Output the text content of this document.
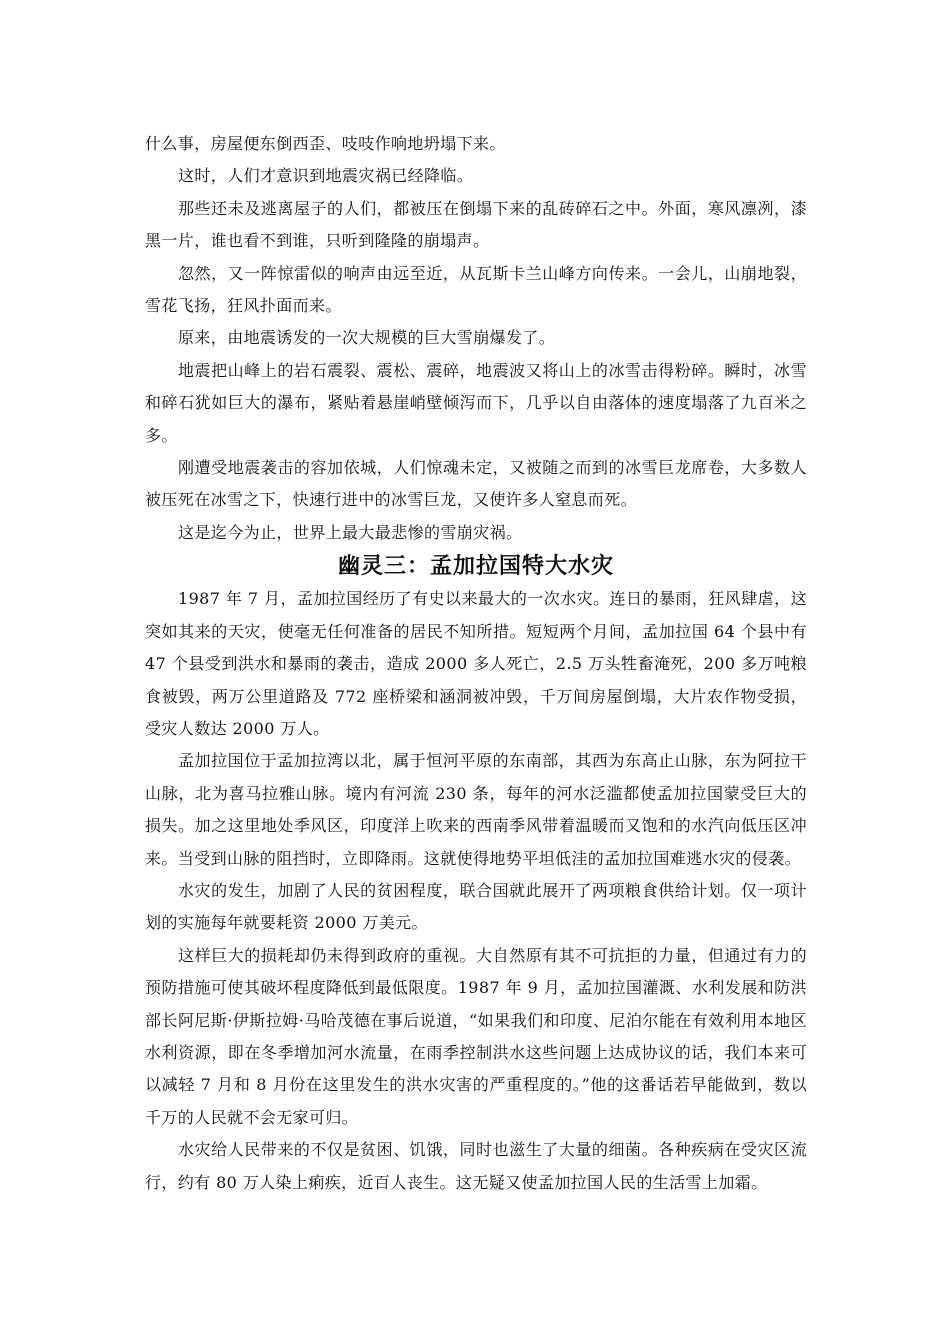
什么事，房屋便东倒西歪、吱吱作响地坍塌下来。

这时，人们才意识到地震灾祸已经降临。

那些还未及逃离屋子的人们，都被压在倒塌下来的乱砖碎石之中。外面，寒风凛冽，漆黑一片，谁也看不到谁，只听到隆隆的崩塌声。

忽然，又一阵惊雷似的响声由远至近，从瓦斯卡兰山峰方向传来。一会儿，山崩地裂，雪花飞扬，狂风扑面而来。

原来，由地震诱发的一次大规模的巨大雪崩爆发了。

地震把山峰上的岩石震裂、震松、震碎，地震波又将山上的冰雪击得粉碎。瞬时，冰雪和碎石犹如巨大的瀑布，紧贴着悬崖峭壁倾泻而下，几乎以自由落体的速度塌落了九百米之多。

刚遭受地震袭击的容加依城，人们惊魂未定，又被随之而到的冰雪巨龙席卷，大多数人被压死在冰雪之下，快速行进中的冰雪巨龙，又使许多人窒息而死。

这是迄今为止，世界上最大最悲惨的雪崩灾祸。

幽灵三：孟加拉国特大水灾

1987 年 7 月，孟加拉国经历了有史以来最大的一次水灾。连日的暴雨，狂风肆虐，这突如其来的天灾，使毫无任何准备的居民不知所措。短短两个月间，孟加拉国 64 个县中有 47 个县受到洪水和暴雨的袭击，造成 2000 多人死亡，2.5 万头牲畜淹死，200 多万吨粮食被毁，两万公里道路及 772 座桥梁和涵洞被冲毁，千万间房屋倒塌，大片农作物受损，受灾人数达 2000 万人。

孟加拉国位于孟加拉湾以北，属于恒河平原的东南部，其西为东高止山脉，东为阿拉干山脉，北为喜马拉雅山脉。境内有河流 230 条，每年的河水泛滥都使孟加拉国蒙受巨大的损失。加之这里地处季风区，印度洋上吹来的西南季风带着温暖而又饱和的水汽向低压区冲来。当受到山脉的阻挡时，立即降雨。这就使得地势平坦低洼的孟加拉国难逃水灾的侵袭。

水灾的发生，加剧了人民的贫困程度，联合国就此展开了两项粮食供给计划。仅一项计划的实施每年就要耗资 2000 万美元。

这样巨大的损耗却仍未得到政府的重视。大自然原有其不可抗拒的力量，但通过有力的预防措施可使其破坏程度降低到最低限度。1987 年 9 月，孟加拉国灌溉、水利发展和防洪部长阿尼斯·伊斯拉姆·马哈茂德在事后说道，“如果我们和印度、尼泊尔能在有效利用本地区水利资源，即在冬季增加河水流量，在雨季控制洪水这些问题上达成协议的话，我们本来可以减轻 7 月和 8 月份在这里发生的洪水灾害的严重程度的。”他的这番话若早能做到，数以千万的人民就不会无家可归。

水灾给人民带来的不仅是贫困、饥饿，同时也滋生了大量的细菌。各种疾病在受灾区流行，约有 80 万人染上痢疾，近百人丧生。这无疑又使孟加拉国人民的生活雪上加霜。
